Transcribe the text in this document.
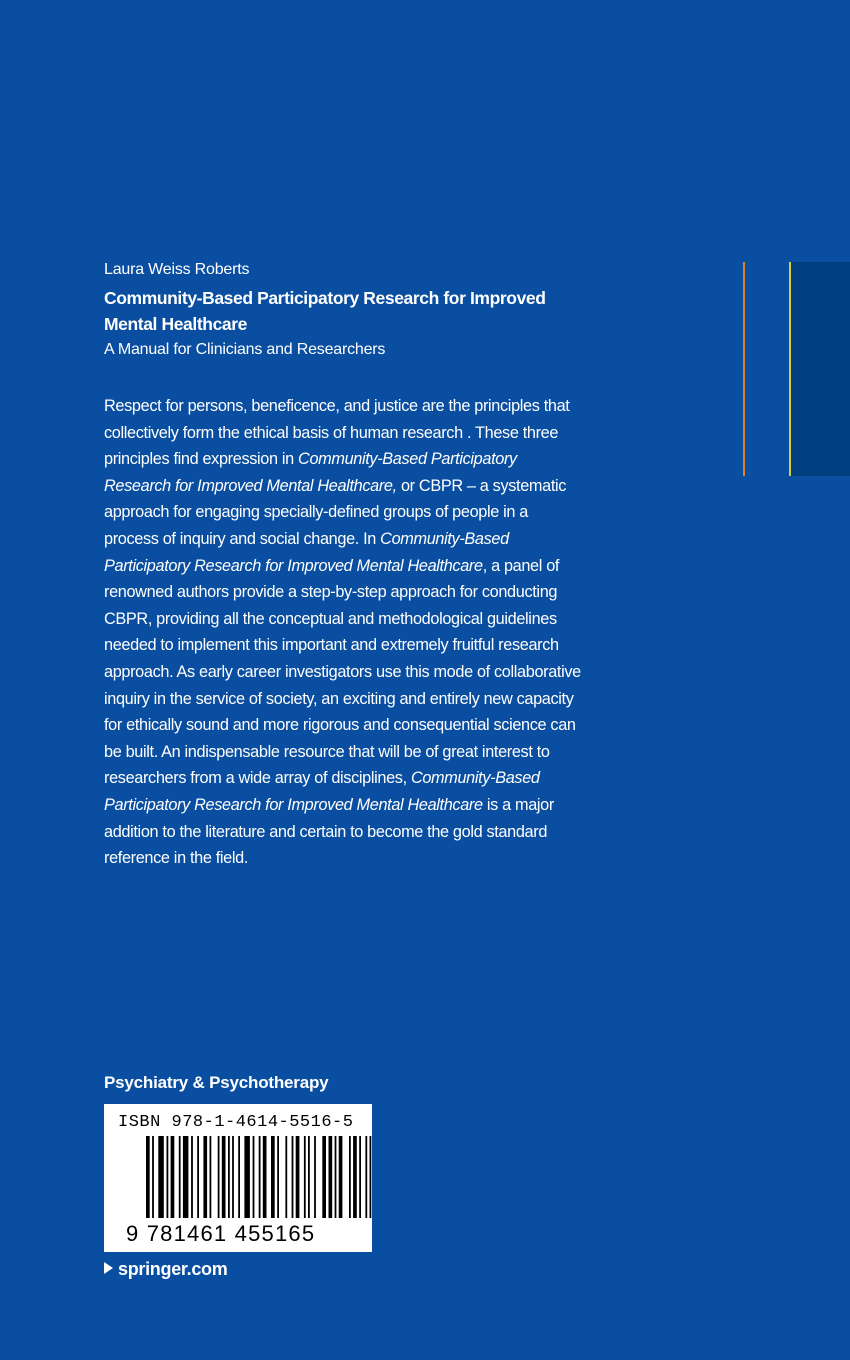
Laura Weiss Roberts
Community-Based Participatory Research for Improved
Mental Healthcare
A Manual for Clinicians and Researchers
Respect for persons, beneficence, and justice are the principles that collectively form the ethical basis of human research . These three principles find expression in Community-Based Participatory Research for Improved Mental Healthcare, or CBPR – a systematic approach for engaging specially-defined groups of people in a process of inquiry and social change. In Community-Based Participatory Research for Improved Mental Healthcare, a panel of renowned authors provide a step-by-step approach for conducting CBPR, providing all the conceptual and methodological guidelines needed to implement this important and extremely fruitful research approach. As early career investigators use this mode of collaborative inquiry in the service of society, an exciting and entirely new capacity for ethically sound and more rigorous and consequential science can be built. An indispensable resource that will be of great interest to researchers from a wide array of disciplines, Community-Based Participatory Research for Improved Mental Healthcare is a major addition to the literature and certain to become the gold standard reference in the field.
Psychiatry & Psychotherapy
ISBN 978-1-4614-5516-5
9 781461 455165
springer.com
